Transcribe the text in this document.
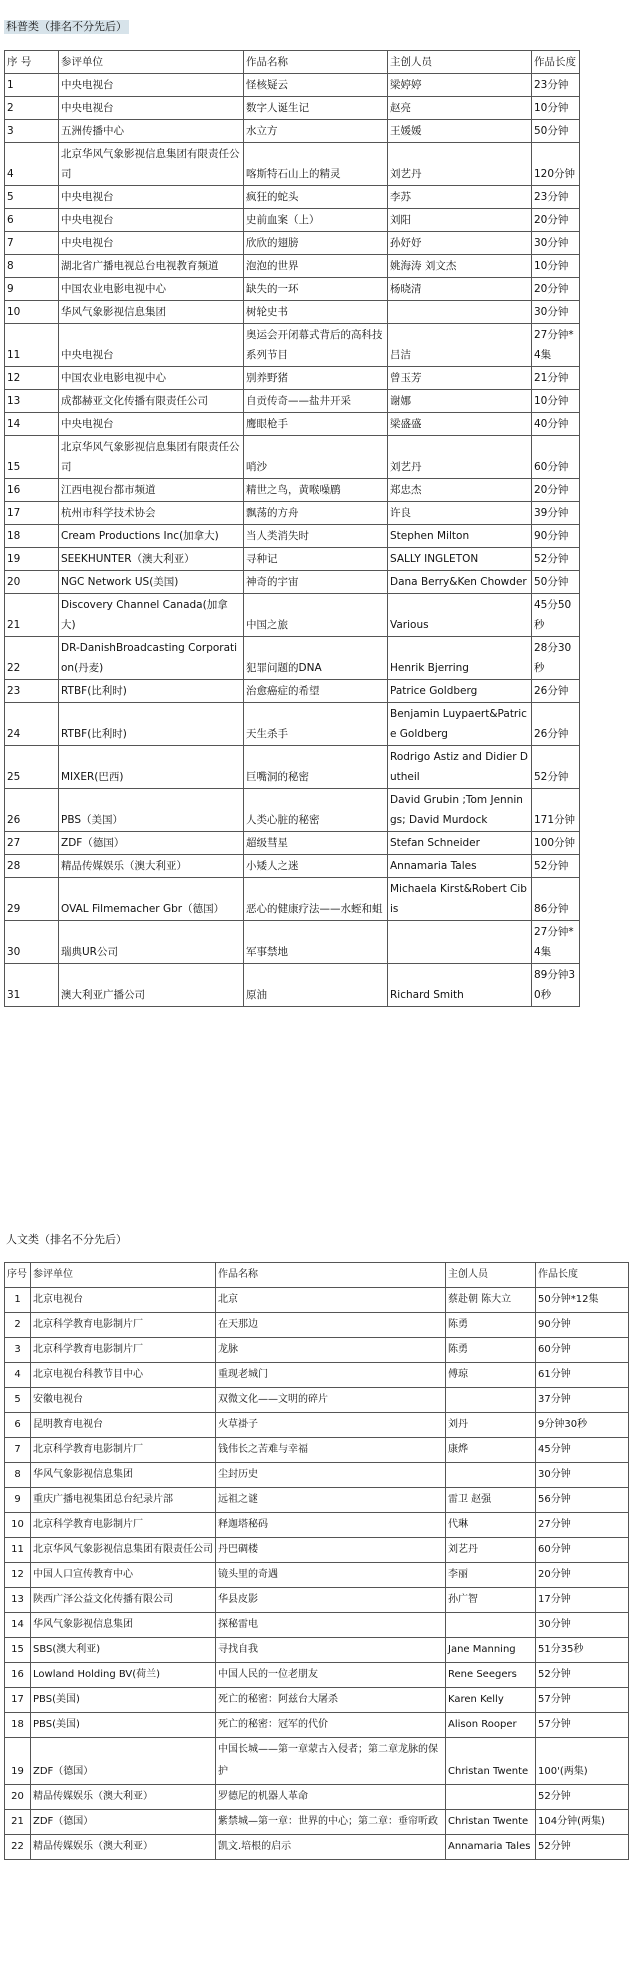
科普类（排名不分先后）
序 号	参评单位	作品名称	主创人员	作品长度
1	中央电视台	怪核疑云	梁婷婷	23分钟
2	中央电视台	数字人诞生记	赵亮	10分钟
3	五洲传播中心	水立方	王媛媛	50分钟
4	北京华风气象影视信息集团有限责任公司	喀斯特石山上的精灵	刘艺丹	120分钟
5	中央电视台	疯狂的蛇头	李苏	23分钟
6	中央电视台	史前血案（上）	刘阳	20分钟
7	中央电视台	欣欣的翅膀	孙妤妤	30分钟
8	湖北省广播电视总台电视教育频道	泡泡的世界	姚海涛 刘文杰	10分钟
9	中国农业电影电视中心	缺失的一环	杨晓清	20分钟
10	华风气象影视信息集团	树轮史书		30分钟
11	中央电视台	奥运会开闭幕式背后的高科技系列节目	吕洁	27分钟*4集
12	中国农业电影电视中心	别养野猪	曾玉芳	21分钟
13	成都赫亚文化传播有限责任公司	自贡传奇——盐井开采	谢娜	10分钟
14	中央电视台	鹰眼枪手	梁盛盛	40分钟
15	北京华风气象影视信息集团有限责任公司	哨沙	刘艺丹	60分钟
16	江西电视台都市频道	精世之鸟，黄喉噪鹛	郑忠杰	20分钟
17	杭州市科学技术协会	飘荡的方舟	许良	39分钟
18	Cream Productions Inc(加拿大)	当人类消失时	Stephen Milton	90分钟
19	SEEKHUNTER（澳大利亚）	寻种记	SALLY INGLETON	52分钟
20	NGC Network US(美国)	神奇的宇宙	Dana Berry&Ken Chowder	50分钟
21	Discovery Channel Canada(加拿大)	中国之旅	Various	45分50秒
22	DR-DanishBroadcasting Corporation(丹麦)	犯罪问题的DNA	Henrik Bjerring	28分30秒
23	RTBF(比利时)	治愈癌症的希望	Patrice Goldberg	26分钟
24	RTBF(比利时)	天生杀手	Benjamin Luypaert&Patrice Goldberg	26分钟
25	MIXER(巴西)	巨嘴洞的秘密	Rodrigo Astiz and Didier Dutheil	52分钟
26	PBS（美国）	人类心脏的秘密	David Grubin ;Tom Jennings; David Murdock	171分钟
27	ZDF（德国）	超级彗星	Stefan Schneider	100分钟
28	精品传媒娱乐（澳大利亚）	小矮人之迷	Annamaria Tales	52分钟
29	OVAL Filmemacher Gbr（德国）	恶心的健康疗法——水蛭和蛆	Michaela Kirst&Robert Cibis	86分钟
30	瑞典UR公司	军事禁地		27分钟*4集
31	澳大利亚广播公司	原油	Richard Smith	89分钟30秒
人文类（排名不分先后）
序号	参评单位	作品名称	主创人员	作品长度
1	北京电视台	北京	蔡赴朝 陈大立	50分钟*12集
2	北京科学教育电影制片厂	在天那边	陈勇	90分钟
3	北京科学教育电影制片厂	龙脉	陈勇	60分钟
4	北京电视台科教节目中心	重现老城门	傅琼	61分钟
5	安徽电视台	双微文化——文明的碎片		37分钟
6	昆明教育电视台	火草褂子	刘丹	9分钟30秒
7	北京科学教育电影制片厂	钱伟长之苦难与幸福	康烨	45分钟
8	华风气象影视信息集团	尘封历史		30分钟
9	重庆广播电视集团总台纪录片部	远祖之谜	雷卫 赵强	56分钟
10	北京科学教育电影制片厂	释迦塔秘码	代琳	27分钟
11	北京华风气象影视信息集团有限责任公司	丹巴碉楼	刘艺丹	60分钟
12	中国人口宣传教育中心	镜头里的奇遇	李丽	20分钟
13	陕西广泽公益文化传播有限公司	华县皮影	孙广智	17分钟
14	华风气象影视信息集团	探秘雷电		30分钟
15	SBS(澳大利亚)	寻找自我	Jane Manning	51分35秒
16	Lowland Holding BV(荷兰)	中国人民的一位老朋友	Rene Seegers	52分钟
17	PBS(美国)	死亡的秘密：阿兹台大屠杀	Karen Kelly	57分钟
18	PBS(美国)	死亡的秘密：冠军的代价	Alison Rooper	57分钟
19	ZDF（德国）	中国长城——第一章蒙古入侵者；第二章龙脉的保护	Christan Twente	100'(两集)
20	精品传媒娱乐（澳大利亚）	罗德尼的机器人革命		52分钟
21	ZDF（德国）	紫禁城—第一章：世界的中心；第二章：垂帘听政	Christan Twente	104分钟(两集)
22	精品传媒娱乐（澳大利亚）	凯文.培根的启示	Annamaria Tales	52分钟
